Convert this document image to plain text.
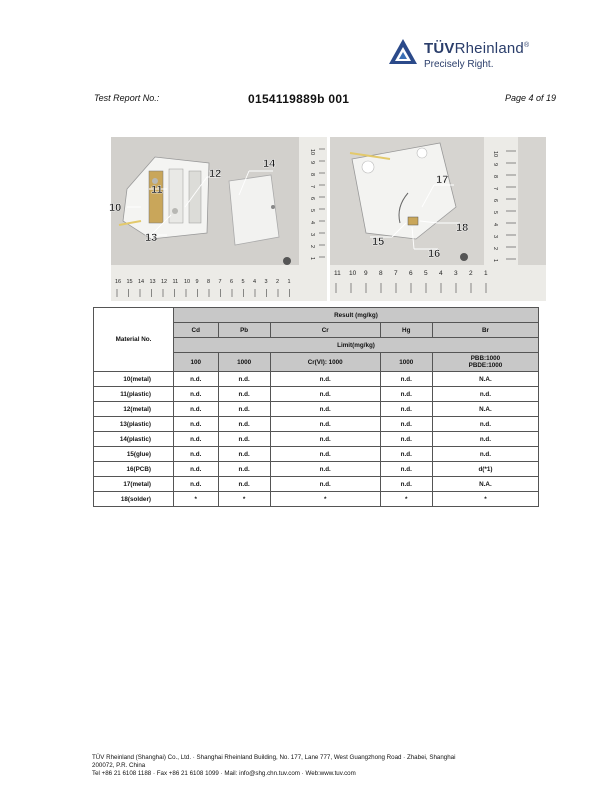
TÜVRheinland®
Precisely Right.
Test Report No.:	0154119889b 001	Page 4 of 19
10
11
12
13
14
16 15 14 13 12 11 10 9 8 7 6 5 4 3 2 1
10
9
8
7
6
5
4
3
2
1
15
16
17
18
11 10 9 8 7 6 5 4 3 2 1
10
9
8
7
6
5
4
3
2
1
Material No.	Result (mg/kg)				
	Cd	Pb	Cr	Hg	Br
	Limit(mg/kg)				
	100	1000	Cr(VI): 1000	1000	PBB:1000
PBDE:1000
10(metal)	n.d.	n.d.	n.d.	n.d.	N.A.
11(plastic)	n.d.	n.d.	n.d.	n.d.	n.d.
12(metal)	n.d.	n.d.	n.d.	n.d.	N.A.
13(plastic)	n.d.	n.d.	n.d.	n.d.	n.d.
14(plastic)	n.d.	n.d.	n.d.	n.d.	n.d.
15(glue)	n.d.	n.d.	n.d.	n.d.	n.d.
16(PCB)	n.d.	n.d.	n.d.	n.d.	d(*1)
17(metal)	n.d.	n.d.	n.d.	n.d.	N.A.
18(solder)	*	*	*	*	*
TÜV Rheinland (Shanghai) Co., Ltd. · Shanghai Rheinland Building, No. 177, Lane 777, West Guangzhong Road · Zhabei, Shanghai
200072, P.R. China
Tel +86 21 6108 1188 · Fax +86 21 6108 1099 · Mail: info@shg.chn.tuv.com · Web:www.tuv.com
